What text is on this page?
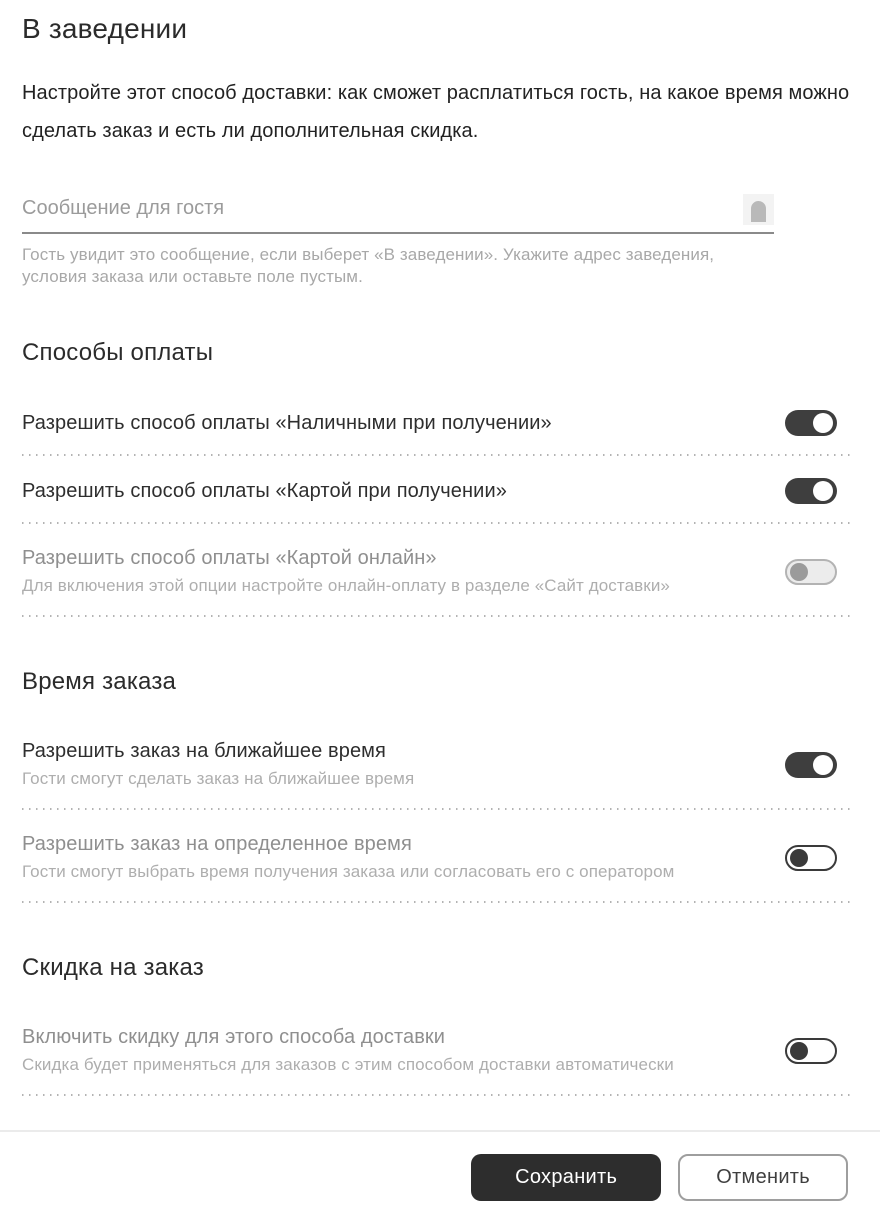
В заведении

Настройте этот способ доставки: как сможет расплатиться гость, на какое время можно сделать заказ и есть ли дополнительная скидка.

Сообщение для гостя

Гость увидит это сообщение, если выберет «В заведении». Укажите адрес заведения, условия заказа или оставьте поле пустым.

Способы оплаты
Разрешить способ оплаты «Наличными при получении»
Разрешить способ оплаты «Картой при получении»
Разрешить способ оплаты «Картой онлайн»
Для включения этой опции настройте онлайн-оплату в разделе «Сайт доставки»
Время заказа
Разрешить заказ на ближайшее время
Гости смогут сделать заказ на ближайшее время
Разрешить заказ на определенное время
Гости смогут выбрать время получения заказа или согласовать его с оператором
Скидка на заказ
Включить скидку для этого способа доставки
Скидка будет применяться для заказов с этим способом доставки автоматически
Сохранить	Отменить
